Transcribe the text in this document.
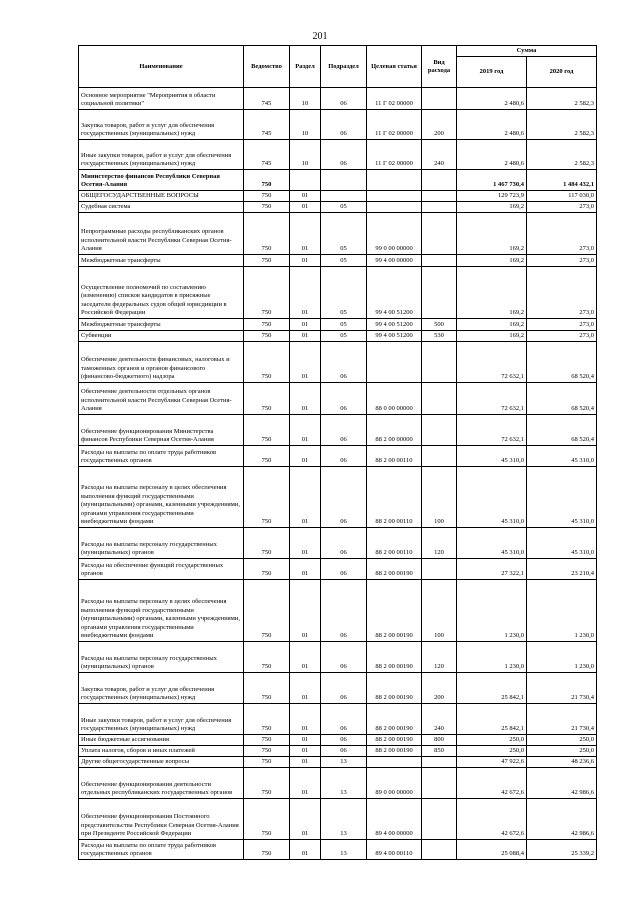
201
Наименование	Ведомство	Раздел	Подраздел	Целевая статья	Вид расхода	Сумма	
						2019 год	2020 год
Основное мероприятие "Мероприятия в области социальной политики"	745	10	06	11 Г 02 00000		2 480,6	2 582,3
Закупка товаров, работ и услуг для обеспечения государственных (муниципальных) нужд	745	10	06	11 Г 02 00000	200	2 480,6	2 582,3
Иные закупки товаров, работ и услуг для обеспечения государственных (муниципальных) нужд	745	10	06	11 Г 02 00000	240	2 480,6	2 582,3
Министерство финансов Республики Северная Осетия-Алания	750					1 467 730,4	1 484 432,1
ОБЩЕГОСУДАРСТВЕННЫЕ ВОПРОСЫ	750	01				129 723,9	117 030,0
Судебная система	750	01	05			169,2	273,0
Непрограммные расходы республиканских органов исполнительной власти Республики Северная Осетия-Алания	750	01	05	99 0 00 00000		169,2	273,0
Межбюджетные трансферты	750	01	05	99 4 00 00000		169,2	273,0
Осуществление полномочий по составлению (изменению) списков кандидатов в присяжные заседатели федеральных судов общей юрисдикции в Российской Федерации	750	01	05	99 4 00 51200		169,2	273,0
Межбюджетные трансферты	750	01	05	99 4 00 51200	500	169,2	273,0
Субвенции	750	01	05	99 4 00 51200	530	169,2	273,0
Обеспечение деятельности финансовых, налоговых и таможенных органов и органов финансового (финансово-бюджетного) надзора	750	01	06			72 632,1	68 520,4
Обеспечение деятельности отдельных органов исполнительной власти Республики Северная Осетия-Алания	750	01	06	88 0 00 00000		72 632,1	68 520,4
Обеспечение функционирования Министерства финансов Республики Северная Осетия-Алания	750	01	06	88 2 00 00000		72 632,1	68 520,4
Расходы на выплаты по оплате труда работников государственных органов	750	01	06	88 2 00 00110		45 310,0	45 310,0
Расходы на выплаты персоналу в целях обеспечения выполнения функций государственными (муниципальными) органами, казенными учреждениями, органами управления государственными внебюджетными фондами	750	01	06	88 2 00 00110	100	45 310,0	45 310,0
Расходы на выплаты персоналу государственных (муниципальных) органов	750	01	06	88 2 00 00110	120	45 310,0	45 310,0
Расходы на обеспечение функций государственных органов	750	01	06	88 2 00 00190		27 322,1	23 210,4
Расходы на выплаты персоналу в целях обеспечения выполнения функций государственными (муниципальными) органами, казенными учреждениями, органами управления государственными внебюджетными фондами	750	01	06	88 2 00 00190	100	1 230,0	1 230,0
Расходы на выплаты персоналу государственных (муниципальных) органов	750	01	06	88 2 00 00190	120	1 230,0	1 230,0
Закупка товаров, работ и услуг для обеспечения государственных (муниципальных) нужд	750	01	06	88 2 00 00190	200	25 842,1	21 730,4
Иные закупки товаров, работ и услуг для обеспечения государственных (муниципальных) нужд	750	01	06	88 2 00 00190	240	25 842,1	21 730,4
Иные бюджетные ассигнования	750	01	06	88 2 00 00190	800	250,0	250,0
Уплата налогов, сборов и иных платежей	750	01	06	88 2 00 00190	850	250,0	250,0
Другие общегосударственные вопросы	750	01	13			47 922,6	48 236,6
Обеспечение функционирования деятельности отдельных республиканских государственных органов	750	01	13	89 0 00 00000		42 672,6	42 986,6
Обеспечение функционирования Постоянного представительства Республики Северная Осетия-Алания при Президенте Российской Федерации	750	01	13	89 4 00 00000		42 672,6	42 986,6
Расходы на выплаты по оплате труда работников государственных органов	750	01	13	89 4 00 00110		25 088,4	25 339,2
